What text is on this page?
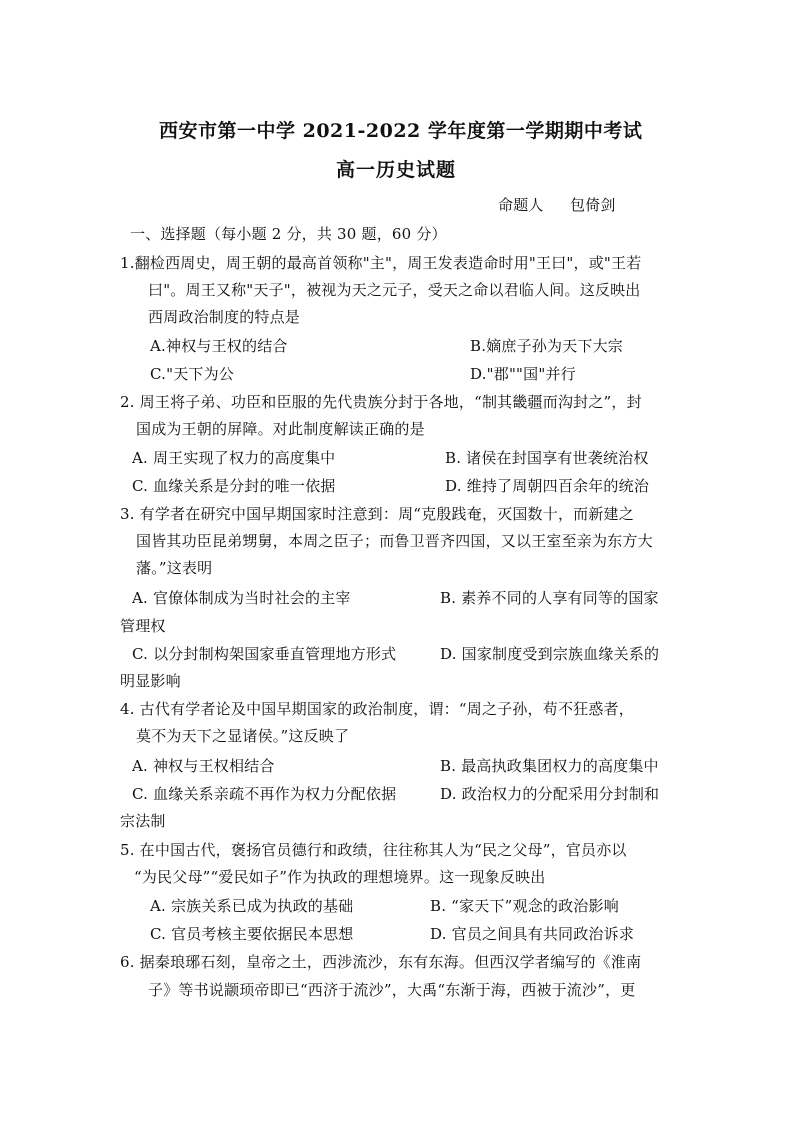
西安市第一中学 2021-2022 学年度第一学期期中考试
高一历史试题
命题人 包倚剑
一、选择题（每小题 2 分，共 30 题，60 分）
1.翻检西周史，周王朝的最高首领称"主"，周王发表造命时用"王曰"，或"王若
曰"。周王又称"天子"，被视为天之元子，受天之命以君临人间。这反映出
西周政治制度的特点是
A.神权与王权的结合	B.嫡庶子孙为天下大宗
C."天下为公	D."郡""国"并行
2. 周王将子弟、功臣和臣服的先代贵族分封于各地，“制其畿疆而沟封之”，封
国成为王朝的屏障。对此制度解读正确的是
A. 周王实现了权力的高度集中	B. 诸侯在封国享有世袭统治权
C. 血缘关系是分封的唯一依据	D. 维持了周朝四百余年的统治
3. 有学者在研究中国早期国家时注意到：周“克殷践奄，灭国数十，而新建之
国皆其功臣昆弟甥舅，本周之臣子；而鲁卫晋齐四国，又以王室至亲为东方大
藩。”这表明
A. 官僚体制成为当时社会的主宰	B. 素养不同的人享有同等的国家
管理权
C. 以分封制构架国家垂直管理地方形式	D. 国家制度受到宗族血缘关系的
明显影响
4. 古代有学者论及中国早期国家的政治制度，谓：“周之子孙，苟不狂惑者，
莫不为天下之显诸侯。”这反映了
A. 神权与王权相结合	B. 最高执政集团权力的高度集中
C. 血缘关系亲疏不再作为权力分配依据	D. 政治权力的分配采用分封制和
宗法制
5. 在中国古代，褒扬官员德行和政绩，往往称其人为“民之父母”，官员亦以
“为民父母”“爱民如子”作为执政的理想境界。这一现象反映出
A. 宗族关系已成为执政的基础	B. “家天下”观念的政治影响
C. 官员考核主要依据民本思想	D. 官员之间具有共同政治诉求
6. 据秦琅琊石刻，皇帝之土，西涉流沙，东有东海。但西汉学者编写的《淮南
子》等书说颛顼帝即已“西济于流沙”，大禹“东渐于海，西被于流沙”，更
